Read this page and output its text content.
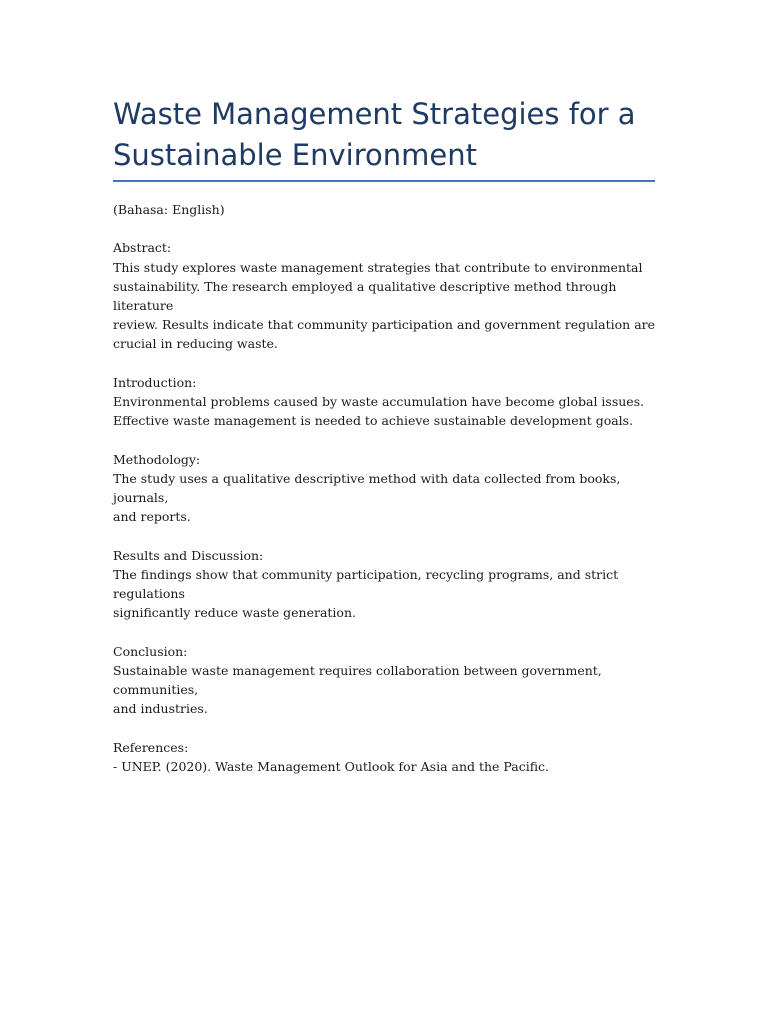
Waste Management Strategies for a
Sustainable Environment

(Bahasa: English)

Abstract:

This study explores waste management strategies that contribute to environmental

sustainability. The research employed a qualitative descriptive method through literature

review. Results indicate that community participation and government regulation are

crucial in reducing waste.

Introduction:

Environmental problems caused by waste accumulation have become global issues.

Effective waste management is needed to achieve sustainable development goals.

Methodology:

The study uses a qualitative descriptive method with data collected from books, journals,

and reports.

Results and Discussion:

The findings show that community participation, recycling programs, and strict regulations

significantly reduce waste generation.

Conclusion:

Sustainable waste management requires collaboration between government, communities,

and industries.

References:

- UNEP. (2020). Waste Management Outlook for Asia and the Pacific.
